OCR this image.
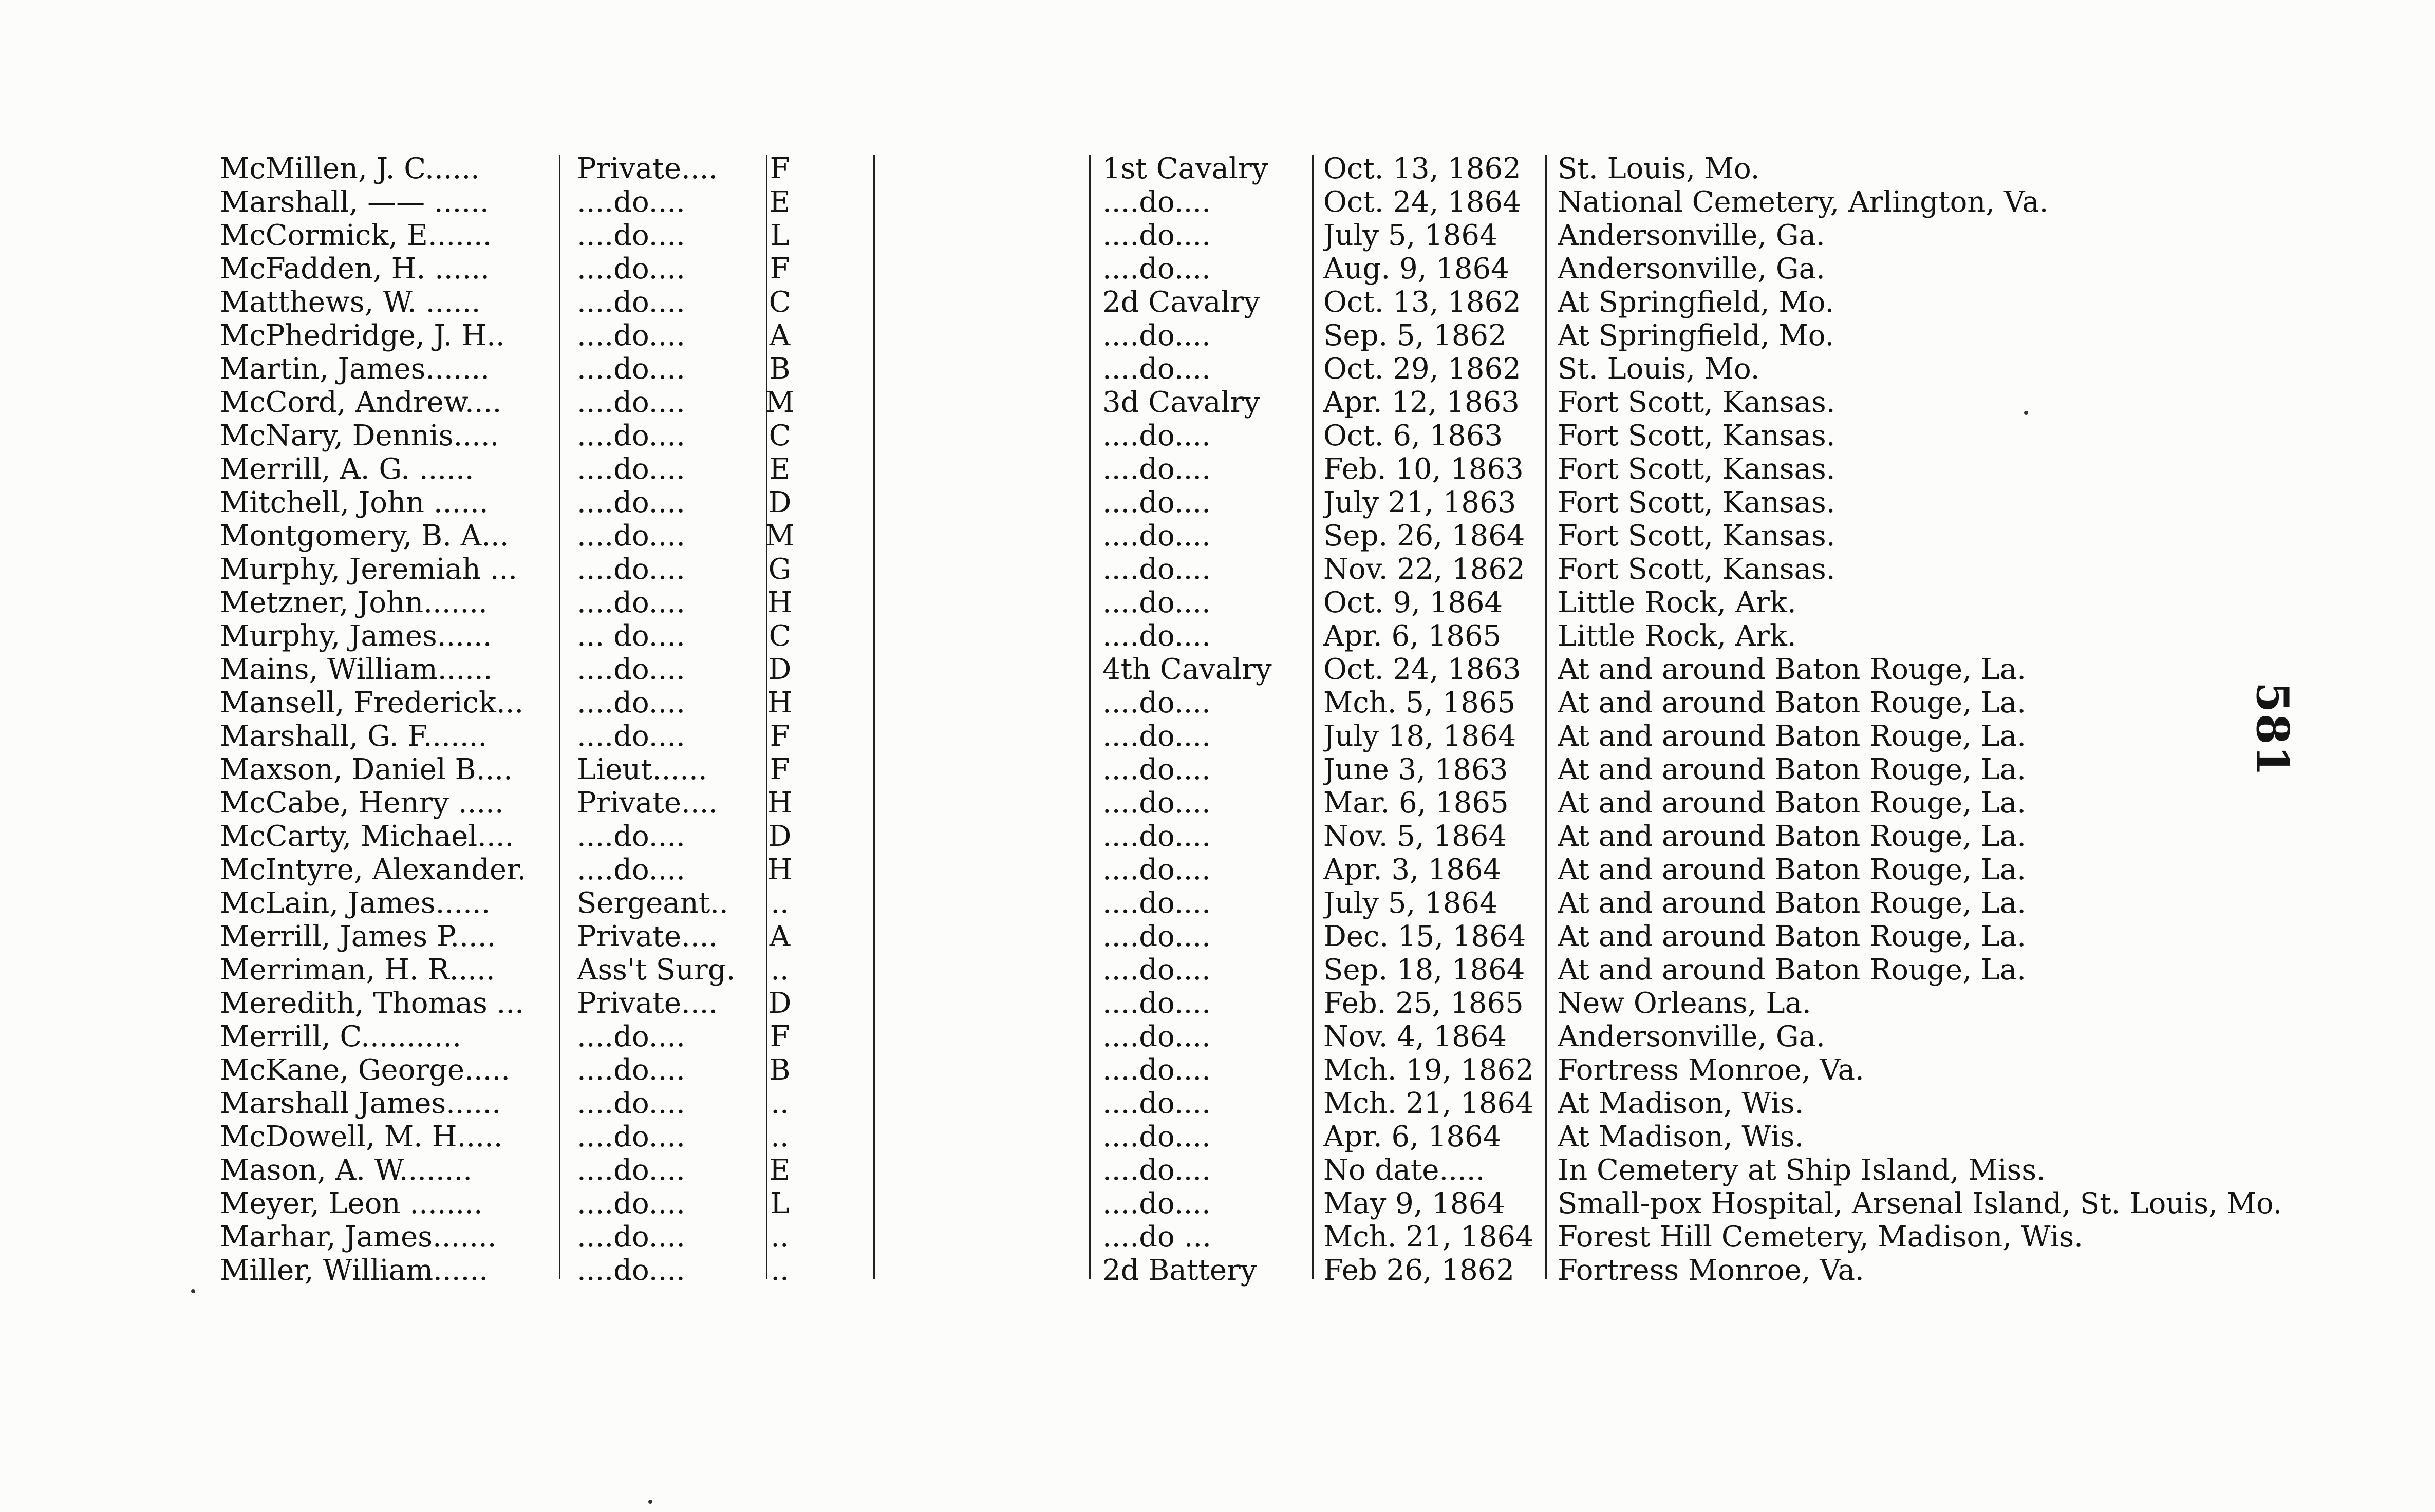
McMillen, J. C......	Private....	F	1st Cavalry	Oct. 13, 1862	St. Louis, Mo.
Marshall, —— ......	....do....	E	....do....	Oct. 24, 1864	National Cemetery, Arlington, Va.
McCormick, E.......	....do....	L	....do....	July 5, 1864	Andersonville, Ga.
McFadden, H. ......	....do....	F	....do....	Aug. 9, 1864	Andersonville, Ga.
Matthews, W. ......	....do....	C	2d Cavalry	Oct. 13, 1862	At Springfield, Mo.
McPhedridge, J. H..	....do....	A	....do....	Sep. 5, 1862	At Springfield, Mo.
Martin, James.......	....do....	B	....do....	Oct. 29, 1862	St. Louis, Mo.
McCord, Andrew....	....do....	M	3d Cavalry	Apr. 12, 1863	Fort Scott, Kansas.
McNary, Dennis.....	....do....	C	....do....	Oct. 6, 1863	Fort Scott, Kansas.
Merrill, A. G. ......	....do....	E	....do....	Feb. 10, 1863	Fort Scott, Kansas.
Mitchell, John ......	....do....	D	....do....	July 21, 1863	Fort Scott, Kansas.
Montgomery, B. A...	....do....	M	....do....	Sep. 26, 1864	Fort Scott, Kansas.
Murphy, Jeremiah ...	....do....	G	....do....	Nov. 22, 1862	Fort Scott, Kansas.
Metzner, John.......	....do....	H	....do....	Oct. 9, 1864	Little Rock, Ark.
Murphy, James......	... do....	C	....do....	Apr. 6, 1865	Little Rock, Ark.
Mains, William......	....do....	D	4th Cavalry	Oct. 24, 1863	At and around Baton Rouge, La.
Mansell, Frederick...	....do....	H	....do....	Mch. 5, 1865	At and around Baton Rouge, La.
Marshall, G. F.......	....do....	F	....do....	July 18, 1864	At and around Baton Rouge, La.
Maxson, Daniel B....	Lieut......	F	....do....	June 3, 1863	At and around Baton Rouge, La.
McCabe, Henry .....	Private....	H	....do....	Mar. 6, 1865	At and around Baton Rouge, La.
McCarty, Michael....	....do....	D	....do....	Nov. 5, 1864	At and around Baton Rouge, La.
McIntyre, Alexander.	....do....	H	....do....	Apr. 3, 1864	At and around Baton Rouge, La.
McLain, James......	Sergeant..	..	....do....	July 5, 1864	At and around Baton Rouge, La.
Merrill, James P.....	Private....	A	....do....	Dec. 15, 1864	At and around Baton Rouge, La.
Merriman, H. R.....	Ass't Surg.	..	....do....	Sep. 18, 1864	At and around Baton Rouge, La.
Meredith, Thomas ...	Private....	D	....do....	Feb. 25, 1865	New Orleans, La.
Merrill, C...........	....do....	F	....do....	Nov. 4, 1864	Andersonville, Ga.
McKane, George.....	....do....	B	....do....	Mch. 19, 1862 Fortress Monroe, Va.
Marshall James......	....do....	..	....do....	Mch. 21, 1864 At Madison, Wis.
McDowell, M. H.....	....do....	..	....do....	Apr. 6, 1864	At Madison, Wis.
Mason, A. W........	....do....	E	....do....	No date.....	In Cemetery at Ship Island, Miss.
Meyer, Leon ........	....do....	L	....do....	May 9, 1864	Small-pox Hospital, Arsenal Island, St. Louis, Mo.
Marhar, James.......	....do....	..	....do ...	Mch. 21, 1864 Forest Hill Cemetery, Madison, Wis.
Miller, William......	....do....	..	2d Battery	Feb 26, 1862	Fortress Monroe, Va.
581
